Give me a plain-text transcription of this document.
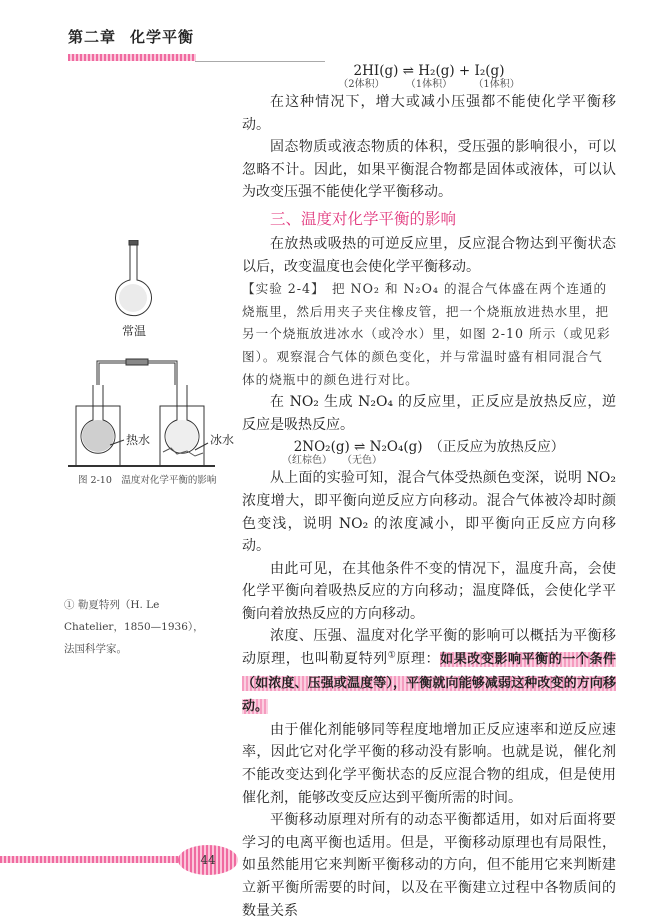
第二章 化学平衡
2HI(g) ⇌ H₂(g) + I₂(g)
（2体积） （1体积） （1体积）

在这种情况下，增大或减小压强都不能使化学平衡移动。

固态物质或液态物质的体积，受压强的影响很小，可以忽略不计。因此，如果平衡混合物都是固体或液体，可以认为改变压强不能使化学平衡移动。

三、温度对化学平衡的影响

在放热或吸热的可逆反应里，反应混合物达到平衡状态以后，改变温度也会使化学平衡移动。

【实验 2-4】　把 NO₂ 和 N₂O₄ 的混合气体盛在两个连通的烧瓶里，然后用夹子夹住橡皮管，把一个烧瓶放进热水里，把另一个烧瓶放进冰水（或冷水）里，如图 2-10 所示（或见彩图）。观察混合气体的颜色变化，并与常温时盛有相同混合气体的烧瓶中的颜色进行对比。

在 NO₂ 生成 N₂O₄ 的反应里，正反应是放热反应，逆反应是吸热反应。

2NO₂(g) ⇌ N₂O₄(g)　（正反应为放热反应）
（红棕色）　　（无色）

从上面的实验可知，混合气体受热颜色变深，说明 NO₂ 浓度增大，即平衡向逆反应方向移动。混合气体被冷却时颜色变浅，说明 NO₂ 的浓度减小，即平衡向正反应方向移动。

由此可见，在其他条件不变的情况下，温度升高，会使化学平衡向着吸热反应的方向移动；温度降低，会使化学平衡向着放热反应的方向移动。

浓度、压强、温度对化学平衡的影响可以概括为平衡移动原理，也叫勒夏特列①原理：如果改变影响平衡的一个条件（如浓度、压强或温度等），平衡就向能够减弱这种改变的方向移动。

由于催化剂能够同等程度地增加正反应速率和逆反应速率，因此它对化学平衡的移动没有影响。也就是说，催化剂不能改变达到化学平衡状态的反应混合物的组成，但是使用催化剂，能够改变反应达到平衡所需的时间。

平衡移动原理对所有的动态平衡都适用，如对后面将要学习的电离平衡也适用。但是，平衡移动原理也有局限性，如虽然能用它来判断平衡移动的方向，但不能用它来判断建立新平衡所需要的时间，以及在平衡建立过程中各物质间的数量关系

常温
热水	冰水
图 2-10　温度对化学平衡的影响
① 勒夏特列（H. Le Chatelier，1850—1936），法国科学家。
44
